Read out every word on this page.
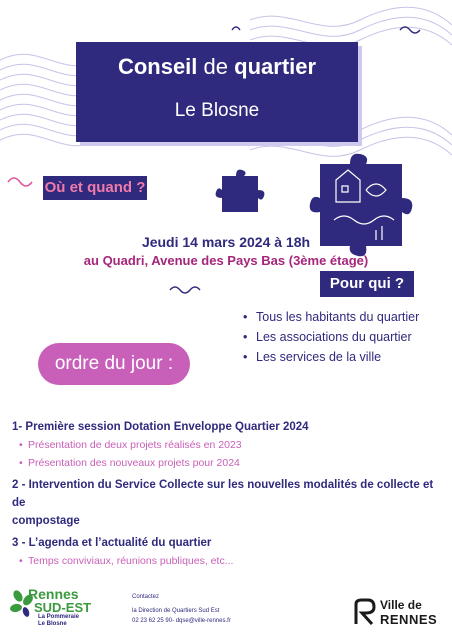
Conseil de quartier
Le Blosne
Où et quand ?
Jeudi 14 mars 2024 à 18h
au Quadri, Avenue des Pays Bas (3ème étage)
Pour qui ?
• Tous les habitants du quartier
• Les associations du quartier
• Les services de la ville
ordre du jour :
1- Première session Dotation Enveloppe Quartier 2024
• Présentation de deux projets réalisés en 2023
• Présentation des nouveaux projets pour 2024
2 - Intervention du Service Collecte sur les nouvelles modalités de collecte et de
compostage
3 - L’agenda et l’actualité du quartier
• Temps conviviaux, réunions publiques, etc...
Rennes
SUD-EST
La Pommeraie
Le Blosne
Contactez
la Direction de Quartiers Sud Est
02 23 62 25 90- dqse@ville-rennes.fr
Ville de
RENNES
